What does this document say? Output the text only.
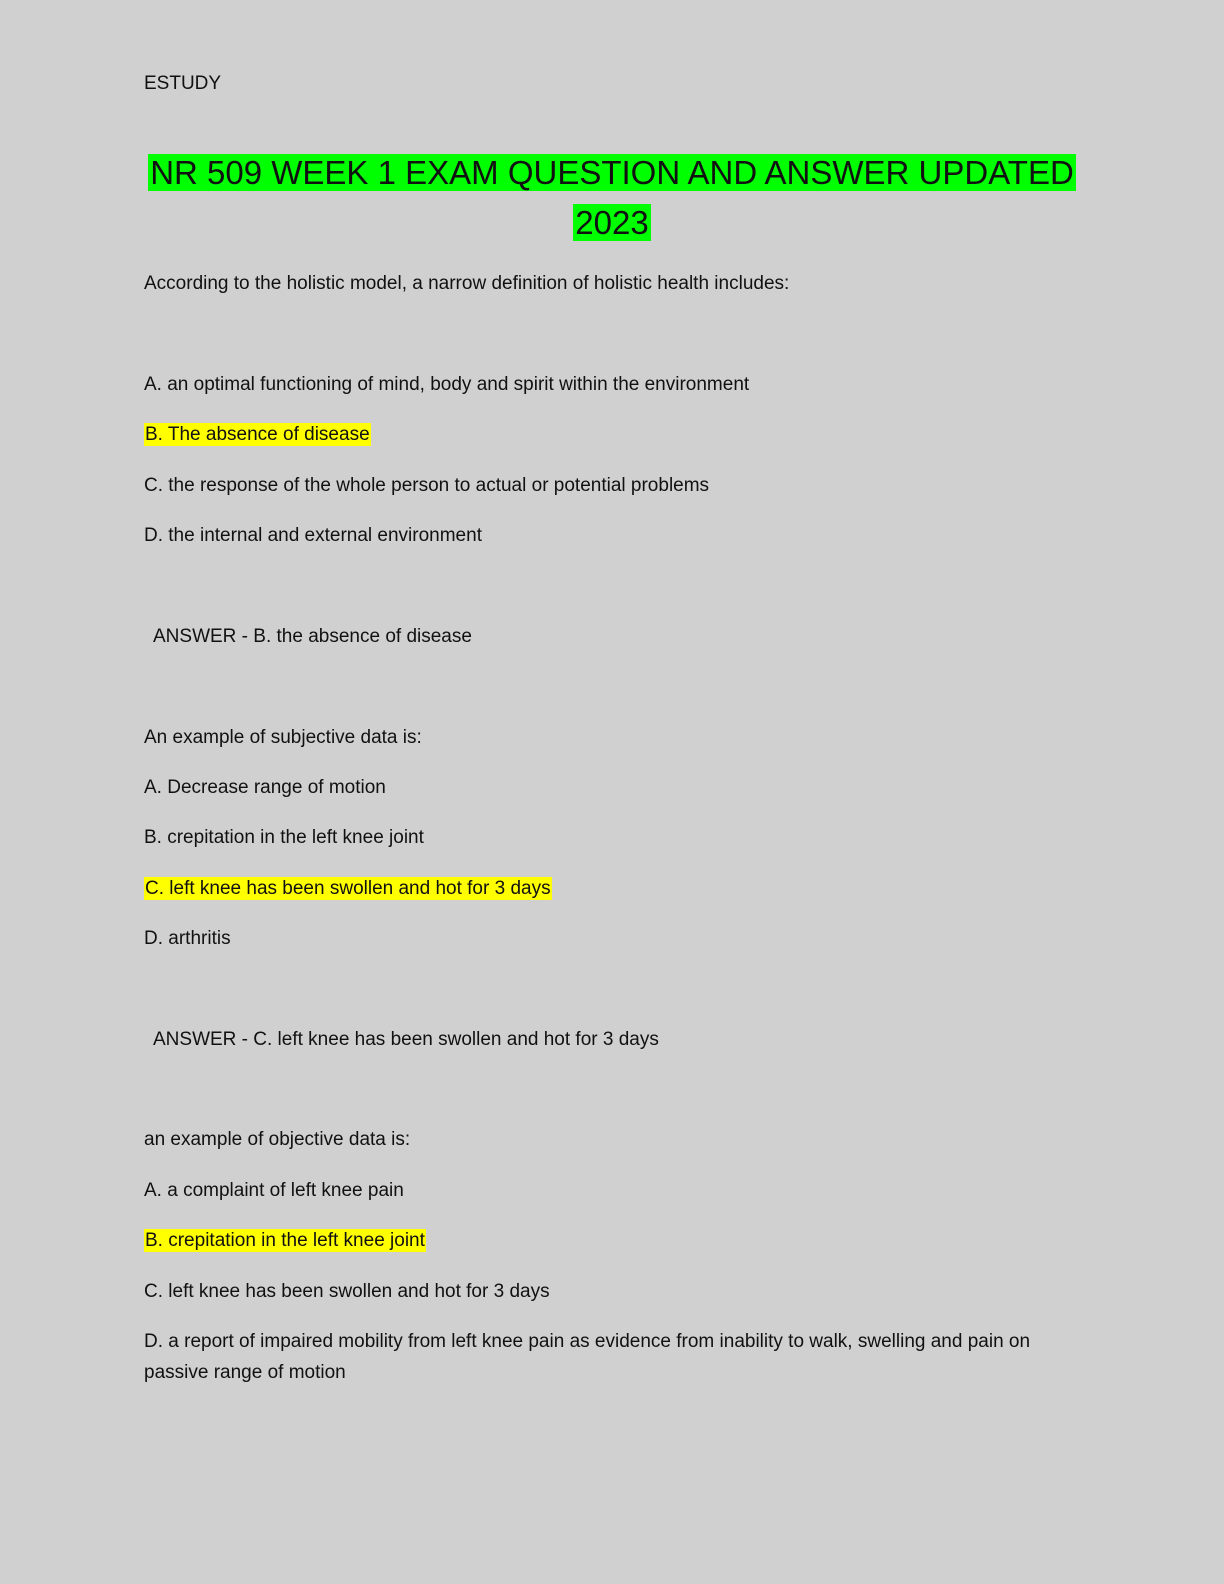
ESTUDY
NR 509 WEEK 1 EXAM QUESTION AND ANSWER UPDATED
2023
According to the holistic model, a narrow definition of holistic health includes:
A. an optimal functioning of mind, body and spirit within the environment
B. The absence of disease
C. the response of the whole person to actual or potential problems
D. the internal and external environment
ANSWER - B. the absence of disease
An example of subjective data is:
A. Decrease range of motion
B. crepitation in the left knee joint
C. left knee has been swollen and hot for 3 days
D. arthritis
ANSWER - C. left knee has been swollen and hot for 3 days
an example of objective data is:
A. a complaint of left knee pain
B. crepitation in the left knee joint
C. left knee has been swollen and hot for 3 days
D. a report of impaired mobility from left knee pain as evidence from inability to walk, swelling and pain on passive range of motion
